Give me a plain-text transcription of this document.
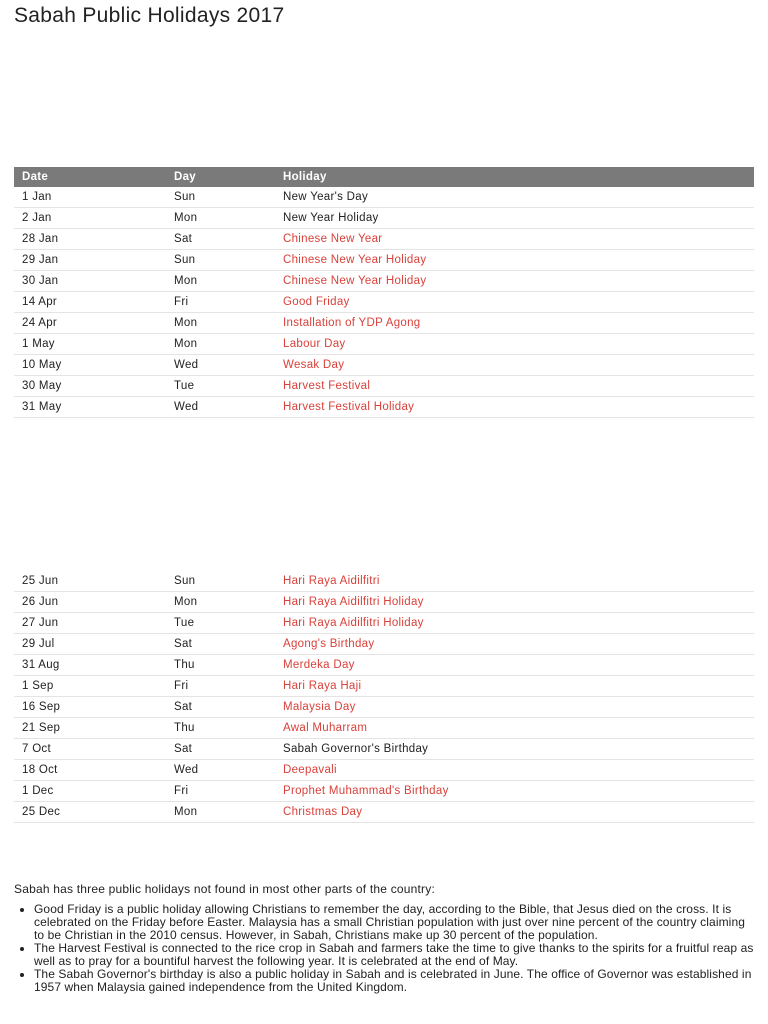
Sabah Public Holidays 2017
Date	Day	Holiday
1 Jan	Sun	New Year's Day
2 Jan	Mon	New Year Holiday
28 Jan	Sat	Chinese New Year
29 Jan	Sun	Chinese New Year Holiday
30 Jan	Mon	Chinese New Year Holiday
14 Apr	Fri	Good Friday
24 Apr	Mon	Installation of YDP Agong
1 May	Mon	Labour Day
10 May	Wed	Wesak Day
30 May	Tue	Harvest Festival
31 May	Wed	Harvest Festival Holiday
25 Jun	Sun	Hari Raya Aidilfitri
26 Jun	Mon	Hari Raya Aidilfitri Holiday
27 Jun	Tue	Hari Raya Aidilfitri Holiday
29 Jul	Sat	Agong's Birthday
31 Aug	Thu	Merdeka Day
1 Sep	Fri	Hari Raya Haji
16 Sep	Sat	Malaysia Day
21 Sep	Thu	Awal Muharram
7 Oct	Sat	Sabah Governor's Birthday
18 Oct	Wed	Deepavali
1 Dec	Fri	Prophet Muhammad's Birthday
25 Dec	Mon	Christmas Day

Sabah has three public holidays not found in most other parts of the country:

• Good Friday is a public holiday allowing Christians to remember the day, according to the Bible, that Jesus died on the cross. It is celebrated on the Friday before Easter. Malaysia has a small Christian population with just over nine percent of the country claiming to be Christian in the 2010 census. However, in Sabah, Christians make up 30 percent of the population.
• The Harvest Festival is connected to the rice crop in Sabah and farmers take the time to give thanks to the spirits for a fruitful reap as well as to pray for a bountiful harvest the following year. It is celebrated at the end of May.
• The Sabah Governor's birthday is also a public holiday in Sabah and is celebrated in June. The office of Governor was established in 1957 when Malaysia gained independence from the United Kingdom.
